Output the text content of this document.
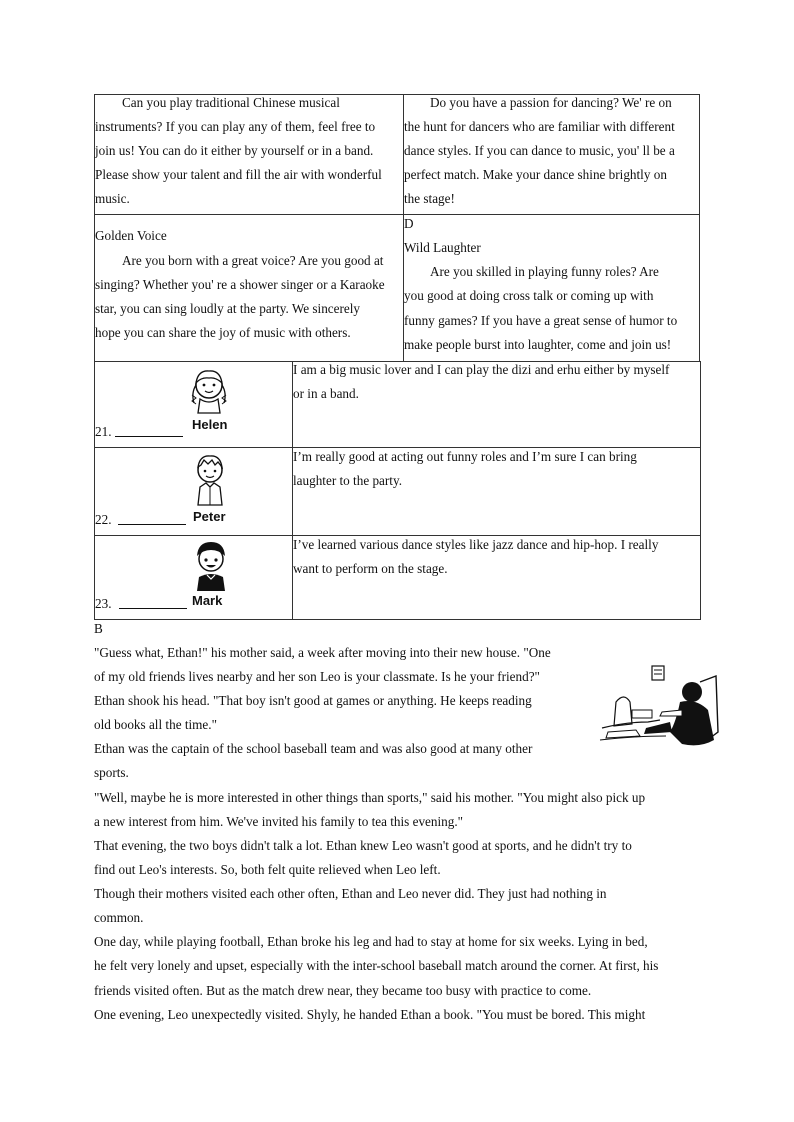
Can you play traditional Chinese musical
instruments? If you can play any of them, feel free to
join us! You can do it either by yourself or in a band.
Please show your talent and fill the air with wonderful
music.
Do you have a passion for dancing? We' re on
the hunt for dancers who are familiar with different
dance styles. If you can dance to music, you' ll be a
perfect match. Make your dance shine brightly on
the stage!
Golden Voice
Are you born with a great voice? Are you good at
singing? Whether you' re a shower singer or a Karaoke
star, you can sing loudly at the party. We sincerely
hope you can share the joy of music with others.
D
Wild Laughter
Are you skilled in playing funny roles? Are
you good at doing cross talk or coming up with
funny games? If you have a great sense of humor to
make people burst into laughter, come and join us!
Helen
21.
I am a big music lover and I can play the dizi and erhu either by myself
or in a band.
Peter
22.
I’m really good at acting out funny roles and I’m sure I can bring
laughter to the party.
Mark
23.
I’ve learned various dance styles like jazz dance and hip-hop. I really
want to perform on the stage.
B
"Guess what, Ethan!" his mother said, a week after moving into their new house. "One
of my old friends lives nearby and her son Leo is your classmate. Is he your friend?"
Ethan shook his head. "That boy isn't good at games or anything. He keeps reading
old books all the time."
Ethan was the captain of the school baseball team and was also good at many other
sports.
"Well, maybe he is more interested in other things than sports," said his mother. "You might also pick up
a new interest from him. We've invited his family to tea this evening."
That evening, the two boys didn't talk a lot. Ethan knew Leo wasn't good at sports, and he didn't try to
find out Leo's interests. So, both felt quite relieved when Leo left.
Though their mothers visited each other often, Ethan and Leo never did. They just had nothing in
common.
One day, while playing football, Ethan broke his leg and had to stay at home for six weeks. Lying in bed,
he felt very lonely and upset, especially with the inter-school baseball match around the corner. At first, his
friends visited often. But as the match drew near, they became too busy with practice to come.
One evening, Leo unexpectedly visited. Shyly, he handed Ethan a book. "You must be bored. This might
